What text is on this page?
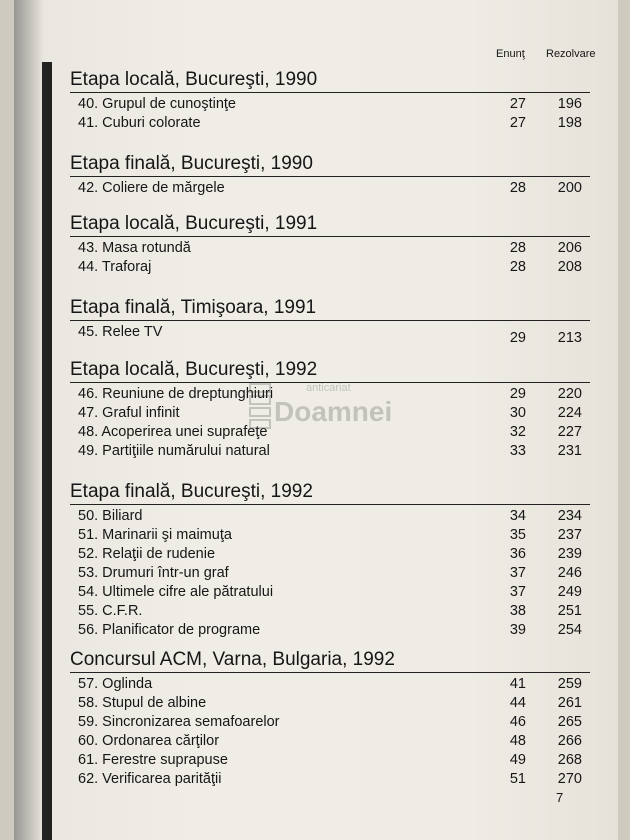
Enunţ Rezolvare
Etapa locală, Bucureşti, 1990
40. Grupul de cunoştinţe	27	196
41. Cuburi colorate	27	198
Etapa finală, Bucureşti, 1990
42. Coliere de mărgele	28	200
Etapa locală, Bucureşti, 1991
43. Masa rotundă	28	206
44. Traforaj	28	208
Etapa finală, Timişoara, 1991
45. Relee TV	29	213
Etapa locală, Bucureşti, 1992
46. Reuniune de dreptunghiuri	29	220
47. Graful infinit	30	224
48. Acoperirea unei suprafeţe	32	227
49. Partiţiile numărului natural	33	231
Etapa finală, Bucureşti, 1992
50. Biliard	34	234
51. Marinarii şi maimuţa	35	237
52. Relaţii de rudenie	36	239
53. Drumuri într-un graf	37	246
54. Ultimele cifre ale pătratului	37	249
55. C.F.R.	38	251
56. Planificator de programe	39	254
Concursul ACM, Varna, Bulgaria, 1992
57. Oglinda	41	259
58. Stupul de albine	44	261
59. Sincronizarea semafoarelor	46	265
60. Ordonarea cărţilor	48	266
61. Ferestre suprapuse	49	268
62. Verificarea parităţii	51	270
anticariat
Doamnei
7
